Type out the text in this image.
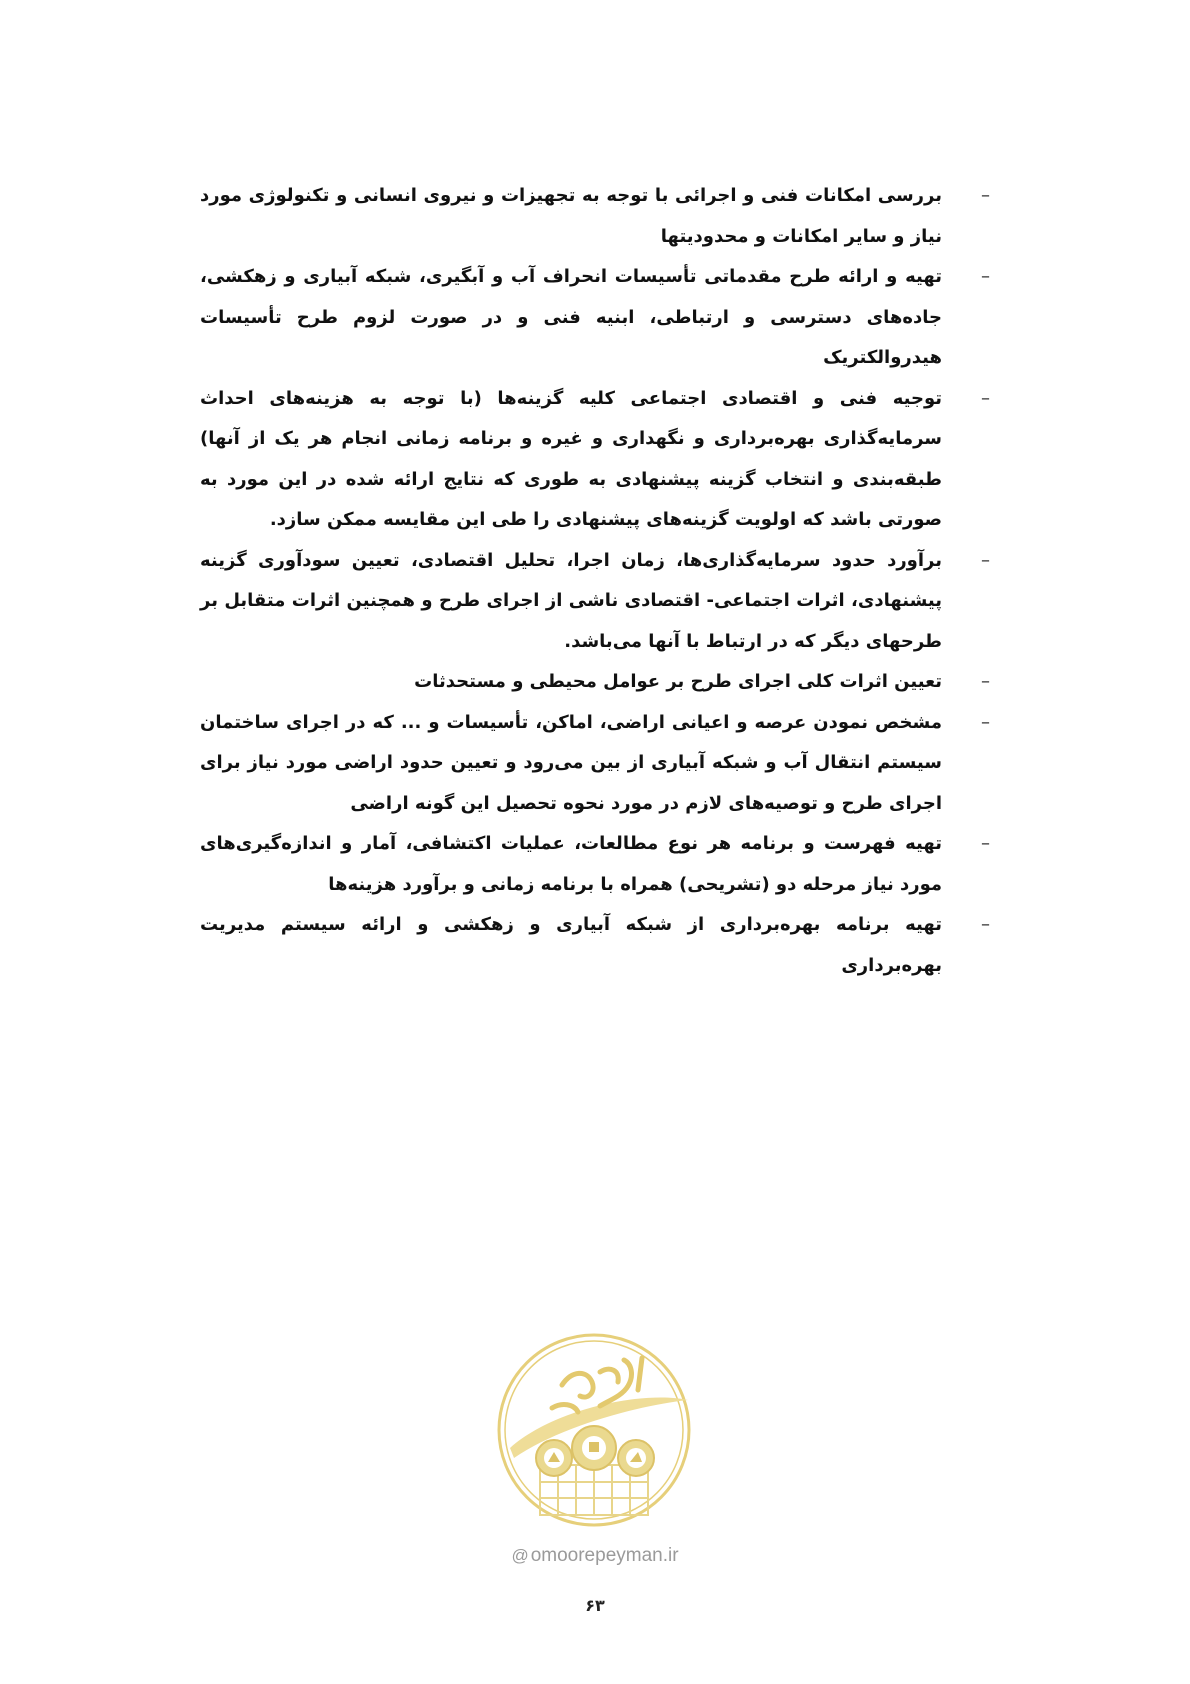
–
بررسی امکانات فنی و اجرائی با توجه به تجهیزات و نیروی انسانی و تکنولوژی مورد نیاز و سایر امکانات و محدودیتها

–
تهیه و ارائه طرح مقدماتی تأسیسات انحراف آب و آبگیری، شبکه آبیاری و زهکشی، جاده‌های دسترسی و ارتباطی، ابنیه فنی و در صورت لزوم طرح تأسیسات هیدروالکتریک

–
توجیه فنی و اقتصادی اجتماعی کلیه گزینه‌ها (با توجه به هزینه‌های احداث سرمایه‌گذاری بهره‌برداری و نگهداری و غیره و برنامه زمانی انجام هر یک از آنها) طبقه‌بندی و انتخاب گزینه پیشنهادی به طوری که نتایج ارائه شده در این مورد به صورتی باشد که اولویت گزینه‌های پیشنهادی را طی این مقایسه ممکن سازد.

–
برآورد حدود سرمایه‌گذاری‌ها، زمان اجرا، تحلیل اقتصادی، تعیین سودآوری گزینه پیشنهادی، اثرات اجتماعی- اقتصادی ناشی از اجرای طرح و همچنین اثرات متقابل بر طرحهای دیگر که در ارتباط با آنها می‌باشد.

–
تعیین اثرات کلی اجرای طرح بر عوامل محیطی و مستحدثات

–
مشخص نمودن عرصه و اعیانی اراضی، اماکن، تأسیسات و ... که در اجرای ساختمان سیستم انتقال آب و شبکه آبیاری از بین می‌رود و تعیین حدود اراضی مورد نیاز برای اجرای طرح و توصیه‌های لازم در مورد نحوه تحصیل این گونه اراضی

–
تهیه فهرست و برنامه هر نوع مطالعات، عملیات اکتشافی، آمار و اندازه‌گیری‌های مورد نیاز مرحله دو (تشریحی) همراه با برنامه زمانی و برآورد هزینه‌ها

–
تهیه برنامه بهره‌برداری از شبکه آبیاری و زهکشی و ارائه سیستم مدیریت بهره‌برداری

@ omoorepeyman.ir
۶۳
